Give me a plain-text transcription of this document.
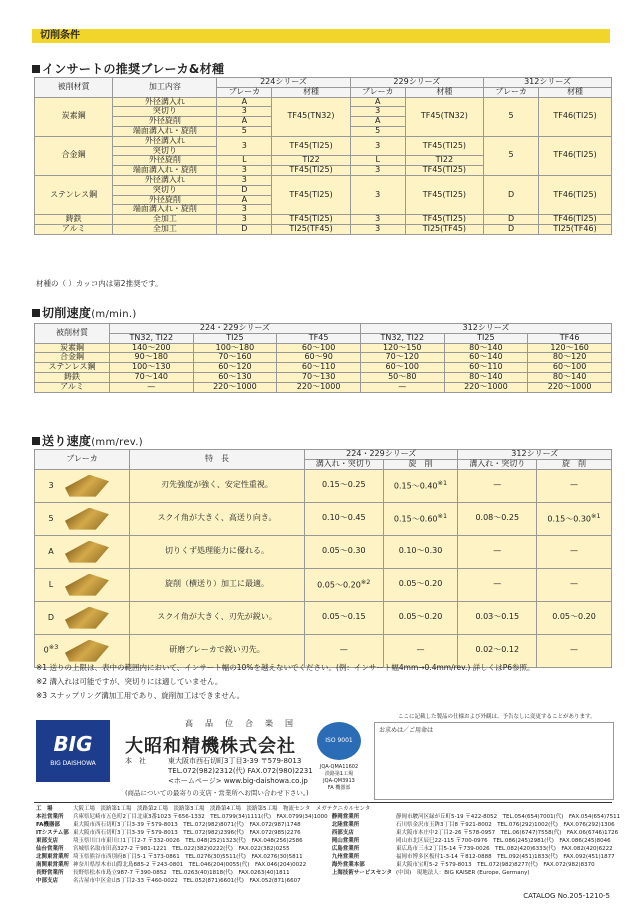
切削条件
インサートの推奨ブレーカ&材種
被削材質	加工内容	224シリーズ		229シリーズ		312シリーズ	
		ブレーカ	材種	ブレーカ	材種	ブレーカ	材種
炭素鋼	外径溝入れ	A	TF45(TN32)	A	TF45(TN32)	5	TF46(TI25)
	突切り	3		3			
	外径旋削	A		A			
	端面溝入れ・旋削	5		5			
合金鋼	外径溝入れ	3	TF45(TI25)	3	TF45(TI25)	5	TF46(TI25)
	突切り						
	外径旋削	L	TI22	L	TI22		
	端面溝入れ・旋削	3	TF45(TI25)	3	TF45(TI25)		
ステンレス鋼	外径溝入れ	3	TF45(TI25)	3	TF45(TI25)	D	TF46(TI25)
	突切り	D					
	外径旋削	A					
	端面溝入れ・旋削	3					
鋳鉄	全加工	3	TF45(TI25)	3	TF45(TI25)	D	TF46(TI25)
アルミ	全加工	D	TI25(TF45)	3	TI25(TF45)	D	TI25(TF46)
材種の（ ）カッコ内は第2推奨です。
切削速度(m/min.)
被削材質	224・229シリーズ			312シリーズ		
	TN32, TI22	TI25	TF45	TN32, TI22	TI25	TF46
炭素鋼	140～200	100～180	60～100	120～150	80～140	120～160
合金鋼	90～180	70～160	60～90	70～120	60～140	80～120
ステンレス鋼	100～130	60～120	60～110	60～100	60～110	60～100
鋳鉄	70～140	60～130	70～130	50～80	80～140	80～140
アルミ	—	220～1000	220～1000	—	220～1000	220～1000
送り速度(mm/rev.)
ブレーカ	特　長	224・229シリーズ		312シリーズ	
		溝入れ・突切り	旋　削	溝入れ・突切り	旋　削
3	刃先強度が強く、安定性重視。	0.15～0.25	0.15～0.40$^{※1}$	—	—
5	スクイ角が大きく、高送り向き。	0.10～0.45	0.15～0.60$^{※1}$	0.08～0.25	0.15～0.30$^{※1}$
A	切りくず処理能力に優れる。	0.05～0.30	0.10～0.30	—	—
L	旋削（横送り）加工に最適。	0.05～0.20$^{※2}$	0.05～0.20	—	—
D	スクイ角が大きく、刃先が鋭い。	0.05～0.15	0.05～0.20	0.03～0.15	0.05～0.20
0$^{※3}$	研磨ブレーカで鋭い刃先。	—	—	0.02～0.12	—
※1 送りの上限は、表中の範囲内において、インサート幅の10%を越えないでください。(例：インサート幅4mm→0.4mm/rev.) 詳しくはP6参照。
※2 溝入れは可能ですが、突切りには適していません。
※3 スナップリング溝加工用であり、旋削加工はできません。
BIG
BIG DAISHOWA
高品位合楽国
大昭和精機株式会社
本　社	東大阪市西石切町3丁目3-39 〒579-8013
TEL.072(982)2312(代) FAX.072(980)2231
<ホームページ> www.big-daishowa.co.jp
(商品についての最寄りの支店・営業所へお問い合わせ下さい。)
ISO 9001
JQA-QMA11602
淡路第1工場
JQA-QM3913
FA 機器部
ここに記載した製品の仕様および外観は、予告なしに変更することがあります。
お求めは／ご用命は
工　場	大阪工場　淡路第1工場　淡路第2工場　淡路第3工場　淡路第4工場　淡路第5工場　物流センタ　メガテクニカルセンタ		
本社営業所	兵庫県尼崎市五色町2丁目北東3番1023 〒656-1332　TEL.0799(34)1111(代)　FAX.0799(34)1000	静岡営業所	静岡市駿河区緑が丘町5-19 〒422-8052　TEL.054(654)7001(代)　FAX.054(654)7511
FA機器部	東大阪市西石切町3丁目3-39 〒579-8013　TEL.072(982)8071(代)　FAX.072(987)1748	北陸営業所	石川県金沢市玉鉾3丁目8 〒921-8002　TEL.076(292)1002(代)　FAX.076(292)1306
ITシステム部	東大阪市西石切町3丁目3-39 〒579-8013　TEL.072(982)2396(代)　FAX.072(985)2276	西部支店	東大阪市本庄中2丁目2-26 〒578-0957　TEL.06(6747)7558(代)　FAX.06(6746)1726
東部支店	埼玉県川口市東川口1丁目2-7 〒332-0026　TEL.048(252)1323(代)　FAX.048(256)2586	岡山営業所	岡山市北区辰巳22-115 〒700-0976　TEL.086(245)2981(代)　FAX.086(245)8046
仙台営業所	宮城県名取市田高327-2 〒981-1221　TEL.022(382)0222(代)　FAX.022(382)0255	広島営業所	東広島市三永2丁目5-14 〒739-0026　TEL.082(420)6333(代)　FAX.082(420)6222
北関東営業所	埼玉県熊谷市西別府8丁目5-1 〒373-0861　TEL.0276(30)5511(代)　FAX.0276(30)5811	九州営業所	福岡市博多区板付1-3-14 〒812-0888　TEL.092(451)1833(代)　FAX.092(451)1877
南関東営業所	神奈川県厚木市山際北島885-2 〒243-0801　TEL.046(204)0055(代)　FAX.046(204)0022	海外営業本部	東大阪市宝町5-2 〒579-8013　TEL.072(982)8277(代)　FAX.072(982)8370
長野営業所	長野県松本市島立987-7 〒390-0852　TEL.0263(40)1818(代)　FAX.0263(40)1811	上海技術サービスセンタ	(中国)　現地法人：BIG KAISER (Europe, Germany)
中部支店	名古屋市中区金山5丁目2-33 〒460-0022　TEL.052(871)6601(代)　FAX.052(871)6607		
CATALOG No.205-1210-5
